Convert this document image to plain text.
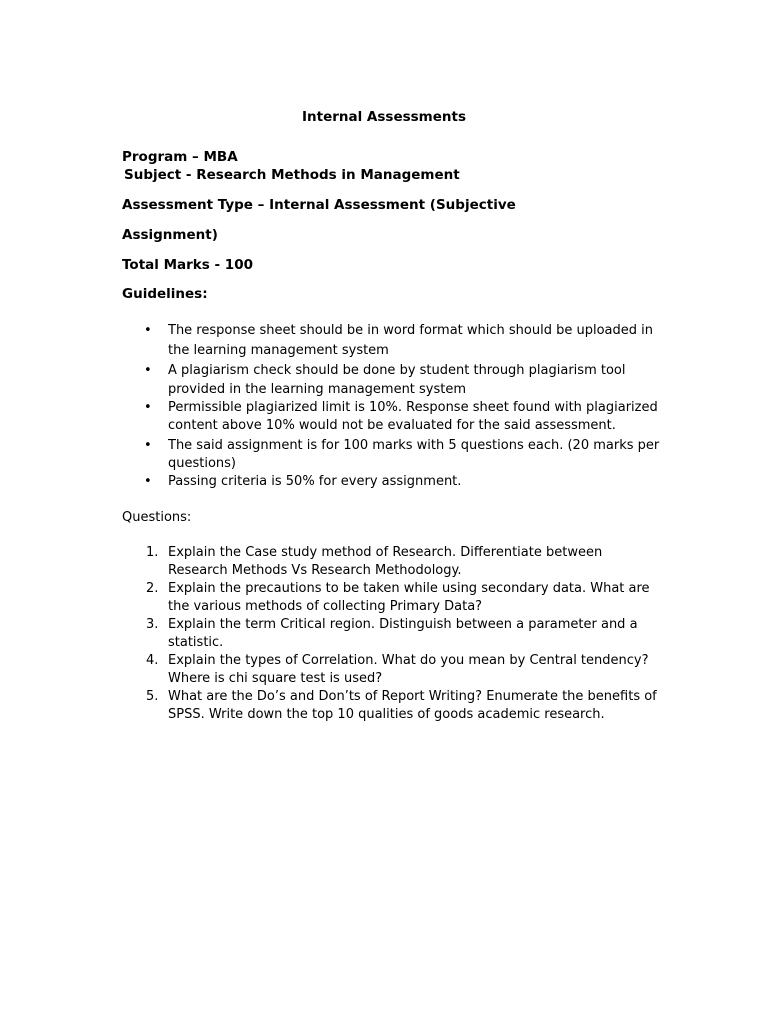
Internal Assessments
Program – MBA
Subject - Research Methods in Management
Assessment Type – Internal Assessment (Subjective
Assignment)
Total Marks - 100
Guidelines:
• The response sheet should be in word format which should be uploaded in the learning management system
• A plagiarism check should be done by student through plagiarism tool provided in the learning management system
• Permissible plagiarized limit is 10%. Response sheet found with plagiarized content above 10% would not be evaluated for the said assessment.
• The said assignment is for 100 marks with 5 questions each. (20 marks per questions)
• Passing criteria is 50% for every assignment.
Questions:
1. Explain the Case study method of Research. Differentiate between Research Methods Vs Research Methodology.
2. Explain the precautions to be taken while using secondary data. What are the various methods of collecting Primary Data?
3. Explain the term Critical region. Distinguish between a parameter and a statistic.
4. Explain the types of Correlation. What do you mean by Central tendency? Where is chi square test is used?
5. What are the Do’s and Don’ts of Report Writing? Enumerate the benefits of SPSS. Write down the top 10 qualities of goods academic research.
